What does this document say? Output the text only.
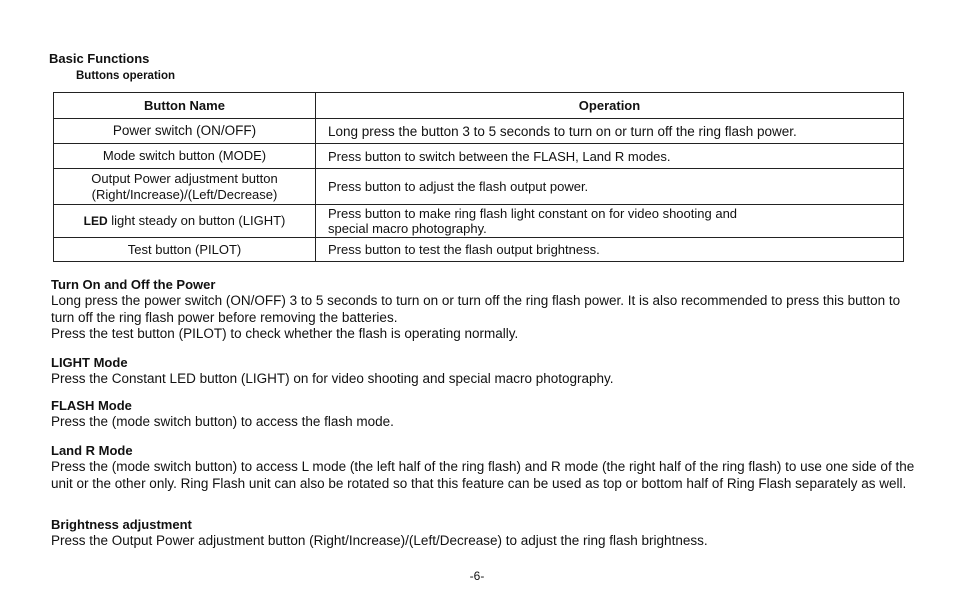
Basic Functions
Buttons operation
Button Name	Operation
Power switch (ON/OFF)	Long press the button 3 to 5 seconds to turn on or turn off the ring flash power.
Mode switch button (MODE)	Press button to switch between the FLASH, Land R modes.

Output Power adjustment button
(Right/Increase)/(Left/Decrease)	Press button to adjust the flash output power.
LED light steady on button (LIGHT)	Press button to make ring flash light constant on for video shooting and
special macro photography.

Test button (PILOT)	Press button to test the flash output brightness.
Turn On and Off the Power

Long press the power switch (ON/OFF) 3 to 5 seconds to turn on or turn off the ring flash power. It is also recommended to press this button to turn off the ring flash power before removing the batteries.

Press the test button (PILOT) to check whether the flash is operating normally.

LIGHT Mode

Press the Constant LED button (LIGHT) on for video shooting and special macro photography.

FLASH Mode

Press the (mode switch button) to access the flash mode.

Land R Mode

Press the (mode switch button) to access L mode (the left half of the ring flash) and R mode (the right half of the ring flash) to use one side of the unit or the other only. Ring Flash unit can also be rotated so that this feature can be used as top or bottom half of Ring Flash separately as well.

Brightness adjustment

Press the Output Power adjustment button (Right/Increase)/(Left/Decrease) to adjust the ring flash brightness.

-6-
